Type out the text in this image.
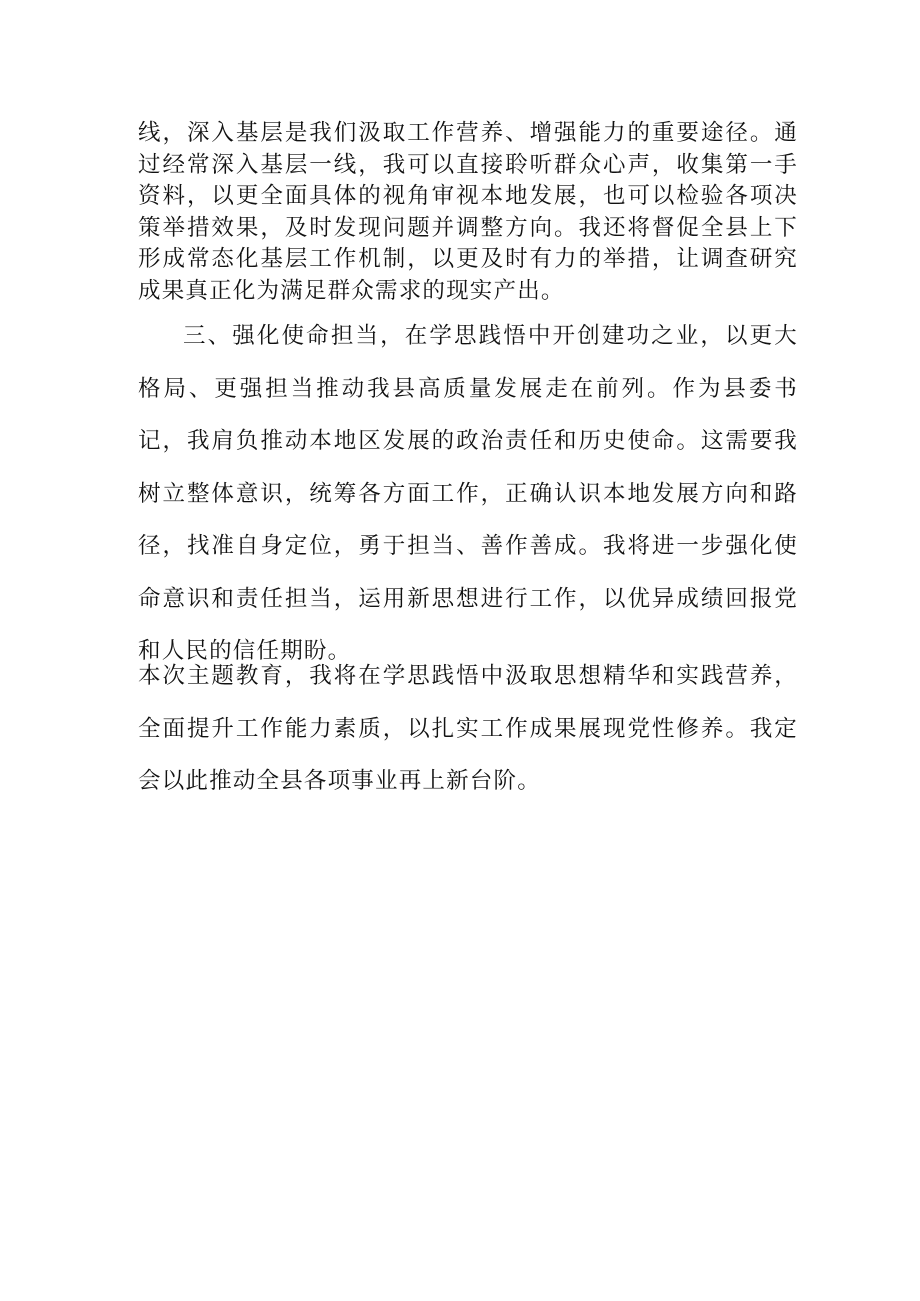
线，深入基层是我们汲取工作营养、增强能力的重要途径。通过经常深入基层一线，我可以直接聆听群众心声，收集第一手资料，以更全面具体的视角审视本地发展，也可以检验各项决策举措效果，及时发现问题并调整方向。我还将督促全县上下形成常态化基层工作机制，以更及时有力的举措，让调查研究成果真正化为满足群众需求的现实产出。

三、强化使命担当，在学思践悟中开创建功之业，以更大格局、更强担当推动我县高质量发展走在前列。作为县委书记，我肩负推动本地区发展的政治责任和历史使命。这需要我树立整体意识，统筹各方面工作，正确认识本地发展方向和路径，找准自身定位，勇于担当、善作善成。我将进一步强化使命意识和责任担当，运用新思想进行工作，以优异成绩回报党和人民的信任期盼。

本次主题教育，我将在学思践悟中汲取思想精华和实践营养，全面提升工作能力素质，以扎实工作成果展现党性修养。我定会以此推动全县各项事业再上新台阶。
